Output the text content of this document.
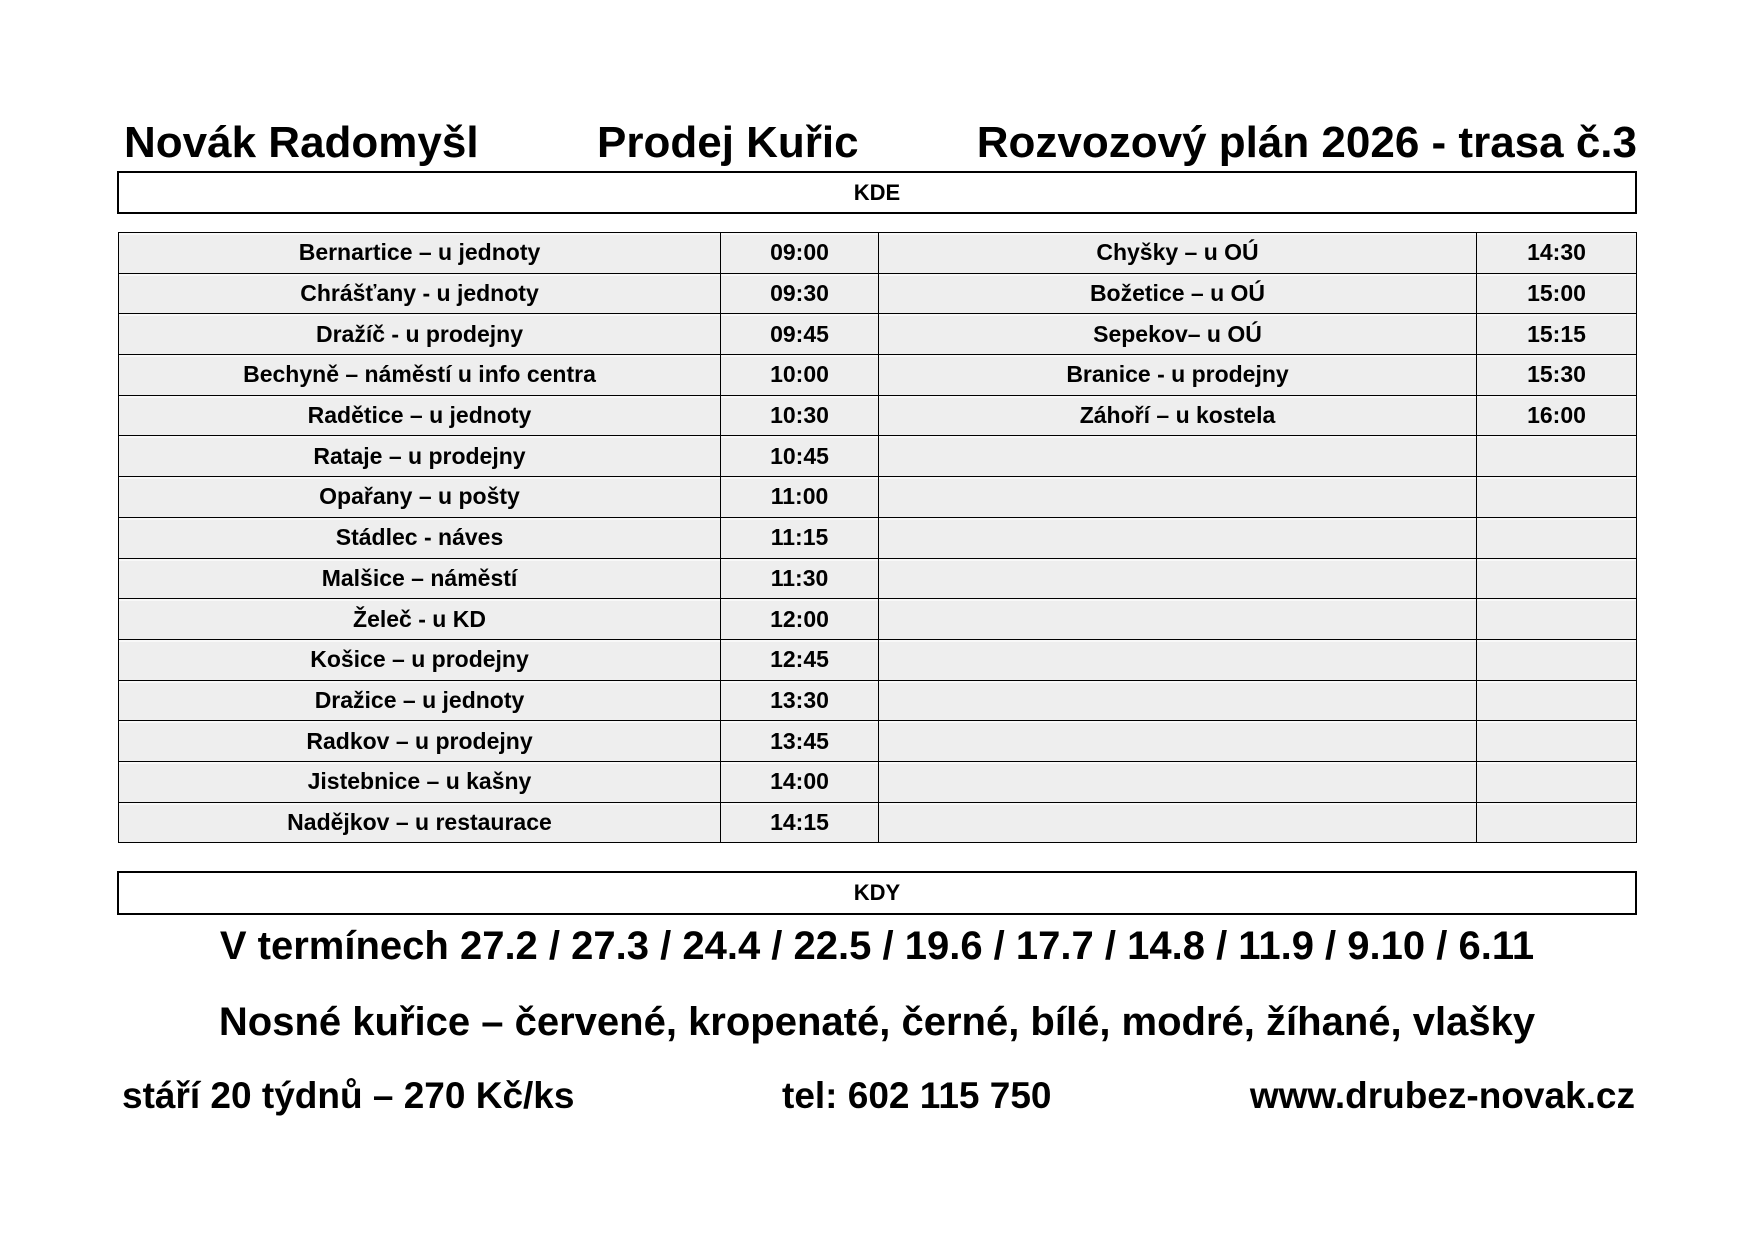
Novák Radomyšl	Prodej Kuřic	Rozvozový plán 2026 - trasa č.3
KDE
Bernartice – u jednoty	09:00	Chyšky – u OÚ	14:30
Chrášťany - u jednoty	09:30	Božetice – u OÚ	15:00
Dražíč - u prodejny	09:45	Sepekov– u OÚ	15:15
Bechyně – náměstí u info centra	10:00	Branice - u prodejny	15:30
Radětice – u jednoty	10:30	Záhoří – u kostela	16:00
Rataje – u prodejny	10:45		
Opařany – u pošty	11:00		
Stádlec - náves	11:15		
Malšice – náměstí	11:30		
Želeč - u KD	12:00		
Košice – u prodejny	12:45		
Dražice – u jednoty	13:30		
Radkov – u prodejny	13:45		
Jistebnice – u kašny	14:00		
Nadějkov – u restaurace	14:15		
KDY
V termínech 27.2 / 27.3 / 24.4 / 22.5 / 19.6 / 17.7 / 14.8 / 11.9 / 9.10 / 6.11
Nosné kuřice – červené, kropenaté, černé, bílé, modré, žíhané, vlašky
stáří 20 týdnů – 270 Kč/ks	tel: 602 115 750	www.drubez-novak.cz
